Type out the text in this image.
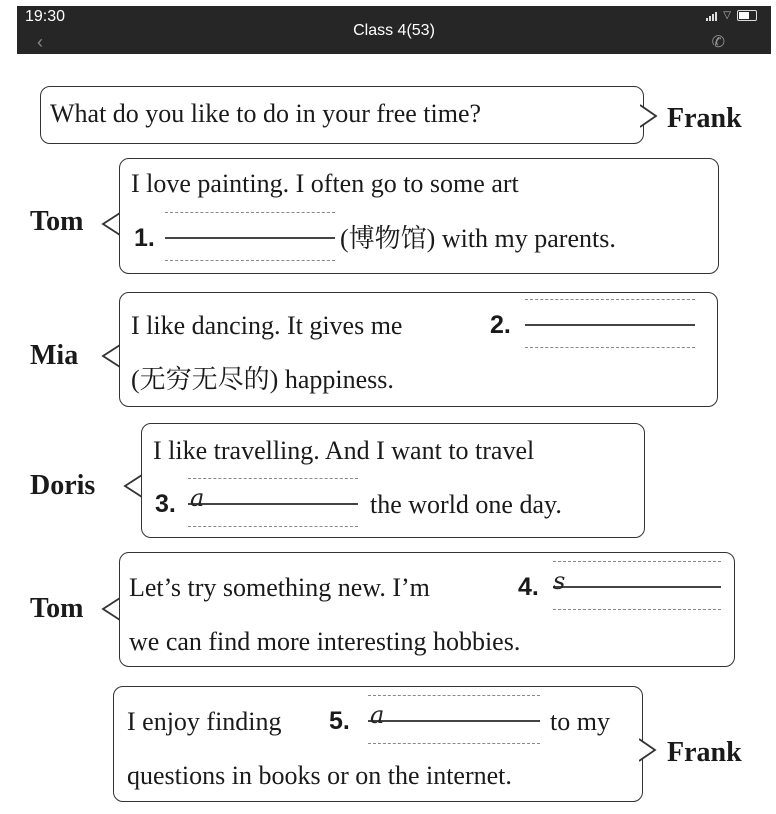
19:30
‹
Class 4(53)
▽
✆
What do you like to do in your free time?	Frank
Tom
I love painting. I often go to some art
1.	(博物馆) with my parents.
Mia
I like dancing. It gives me	2.
(无穷无尽的) happiness.
Doris
I like travelling. And I want to travel
3. a	the world one day.
Tom
Let’s try something new. I’m	4. s
we can find more interesting hobbies.
I enjoy finding 5. a	to my
questions in books or on the internet.
Frank
